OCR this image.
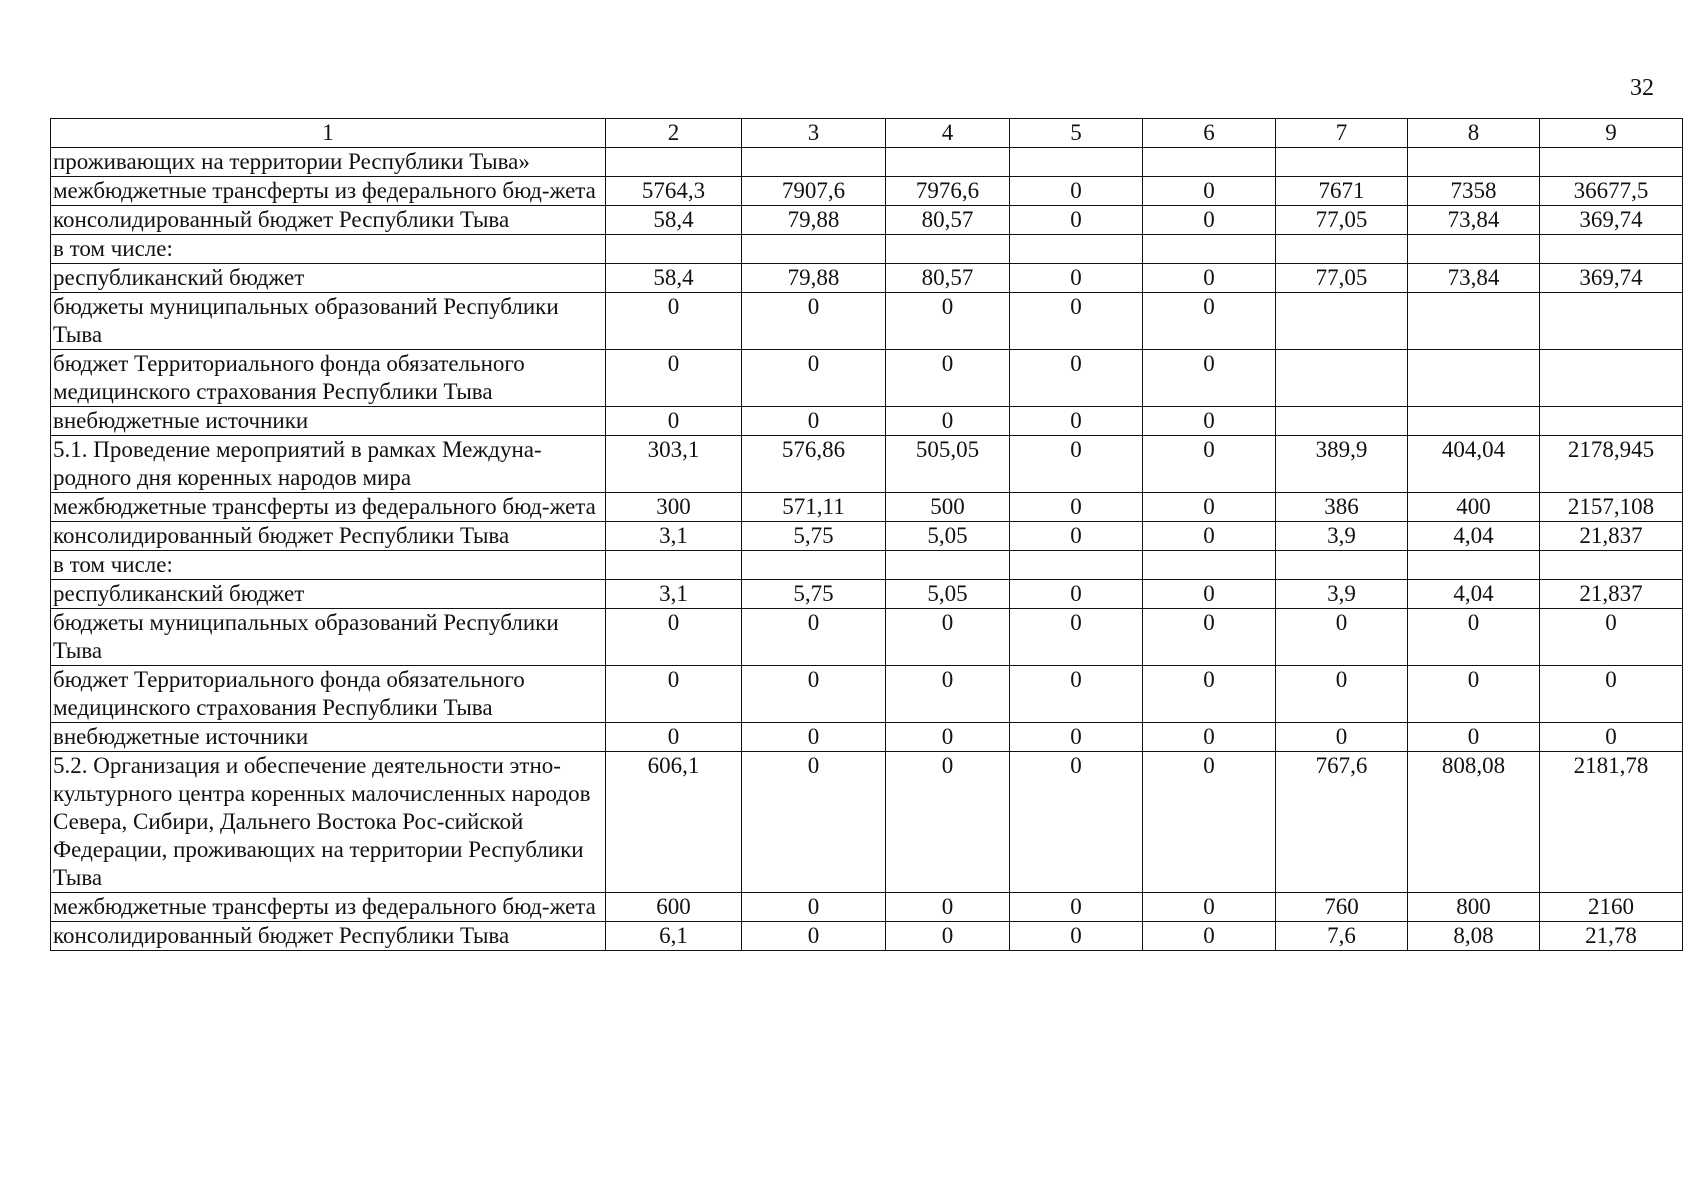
32
1	2	3	4	5	6	7	8	9
проживающих на территории Республики Тыва»								
межбюджетные трансферты из федерального бюд-жета	5764,3	7907,6	7976,6	0	0	7671	7358	36677,5
консолидированный бюджет Республики Тыва	58,4	79,88	80,57	0	0	77,05	73,84	369,74
в том числе:								
республиканский бюджет	58,4	79,88	80,57	0	0	77,05	73,84	369,74
бюджеты муниципальных образований Республики Тыва	0	0	0	0	0			
бюджет Территориального фонда обязательного медицинского страхования Республики Тыва	0	0	0	0	0			
внебюджетные источники	0	0	0	0	0			
5.1. Проведение мероприятий в рамках Междуна-родного дня коренных народов мира	303,1	576,86	505,05	0	0	389,9	404,04	2178,945
межбюджетные трансферты из федерального бюд-жета	300	571,11	500	0	0	386	400	2157,108
консолидированный бюджет Республики Тыва	3,1	5,75	5,05	0	0	3,9	4,04	21,837
в том числе:								
республиканский бюджет	3,1	5,75	5,05	0	0	3,9	4,04	21,837
бюджеты муниципальных образований Республики Тыва	0	0	0	0	0	0	0	0
бюджет Территориального фонда обязательного медицинского страхования Республики Тыва	0	0	0	0	0	0	0	0
внебюджетные источники	0	0	0	0	0	0	0	0
5.2. Организация и обеспечение деятельности этно-культурного центра коренных малочисленных народов Севера, Сибири, Дальнего Востока Рос-сийской Федерации, проживающих на территории Республики Тыва	606,1	0	0	0	0	767,6	808,08	2181,78
межбюджетные трансферты из федерального бюд-жета	600	0	0	0	0	760	800	2160
консолидированный бюджет Республики Тыва	6,1	0	0	0	0	7,6	8,08	21,78
